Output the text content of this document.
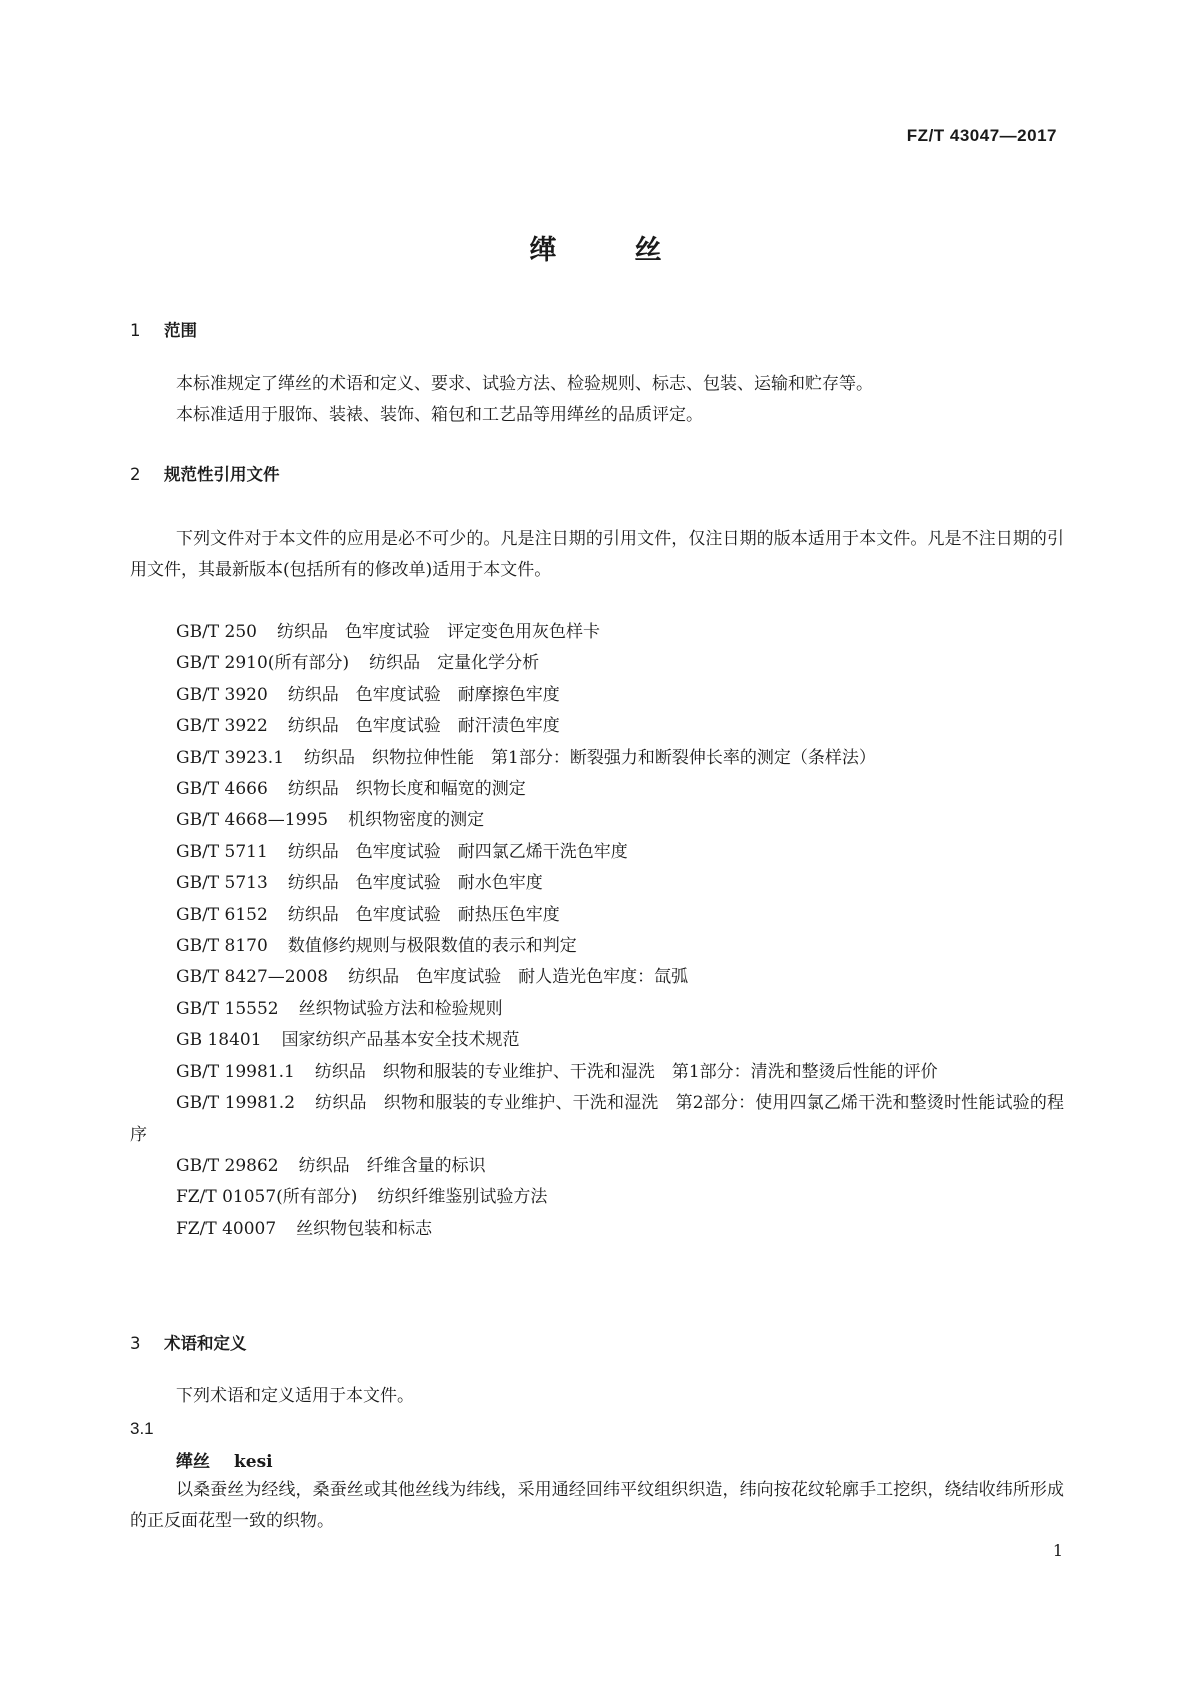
FZ/T 43047—2017
缂	丝
1 范围
本标准规定了缂丝的术语和定义、要求、试验方法、检验规则、标志、包装、运输和贮存等。
本标准适用于服饰、装裱、装饰、箱包和工艺品等用缂丝的品质评定。
2 规范性引用文件
下列文件对于本文件的应用是必不可少的。凡是注日期的引用文件，仅注日期的版本适用于本文件。凡是不注日期的引用文件，其最新版本(包括所有的修改单)适用于本文件。
GB/T 250 纺织品　色牢度试验　评定变色用灰色样卡
GB/T 2910(所有部分) 纺织品　定量化学分析
GB/T 3920 纺织品　色牢度试验　耐摩擦色牢度
GB/T 3922 纺织品　色牢度试验　耐汗渍色牢度
GB/T 3923.1 纺织品　织物拉伸性能　第1部分：断裂强力和断裂伸长率的测定（条样法）
GB/T 4666 纺织品　织物长度和幅宽的测定
GB/T 4668—1995 机织物密度的测定
GB/T 5711 纺织品　色牢度试验　耐四氯乙烯干洗色牢度
GB/T 5713 纺织品　色牢度试验　耐水色牢度
GB/T 6152 纺织品　色牢度试验　耐热压色牢度
GB/T 8170 数值修约规则与极限数值的表示和判定
GB/T 8427—2008 纺织品　色牢度试验　耐人造光色牢度：氙弧
GB/T 15552 丝织物试验方法和检验规则
GB 18401 国家纺织产品基本安全技术规范
GB/T 19981.1 纺织品　织物和服装的专业维护、干洗和湿洗　第1部分：清洗和整烫后性能的评价
GB/T 19981.2 纺织品　织物和服装的专业维护、干洗和湿洗　第2部分：使用四氯乙烯干洗和整烫时性能试验的程序
GB/T 29862 纺织品　纤维含量的标识
FZ/T 01057(所有部分) 纺织纤维鉴别试验方法
FZ/T 40007 丝织物包装和标志
3 术语和定义
下列术语和定义适用于本文件。
3.1
缂丝 kesi
以桑蚕丝为经线，桑蚕丝或其他丝线为纬线，采用通经回纬平纹组织织造，纬向按花纹轮廓手工挖织，绕结收纬所形成的正反面花型一致的织物。
1
